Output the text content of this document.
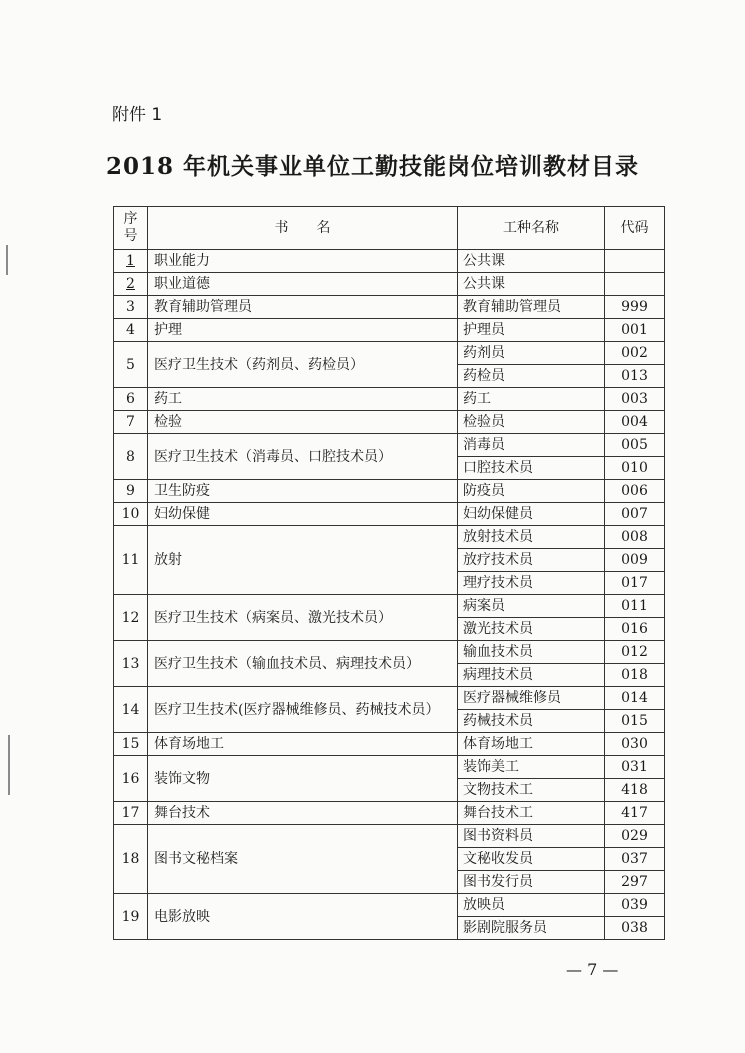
附件 1
2018 年机关事业单位工勤技能岗位培训教材目录
序
号	书　　名	工种名称	代码
1	职业能力	公共课	
2	职业道德	公共课	
3	教育辅助管理员	教育辅助管理员	999
4	护理	护理员	001
5	医疗卫生技术（药剂员、药检员）	药剂员	002
		药检员	013
6	药工	药工	003
7	检验	检验员	004
8	医疗卫生技术（消毒员、口腔技术员）	消毒员	005
		口腔技术员	010
9	卫生防疫	防疫员	006
10	妇幼保健	妇幼保健员	007
11	放射	放射技术员	008
		放疗技术员	009
		理疗技术员	017
12	医疗卫生技术（病案员、激光技术员）	病案员	011
		激光技术员	016
13	医疗卫生技术（输血技术员、病理技术员）	输血技术员	012
		病理技术员	018
14	医疗卫生技术(医疗器械维修员、药械技术员）	医疗器械维修员	014
		药械技术员	015
15	体育场地工	体育场地工	030
16	装饰文物	装饰美工	031
		文物技术工	418
17	舞台技术	舞台技术工	417
18	图书文秘档案	图书资料员	029
		文秘收发员	037
		图书发行员	297
19	电影放映	放映员	039
		影剧院服务员	038
— 7 —
